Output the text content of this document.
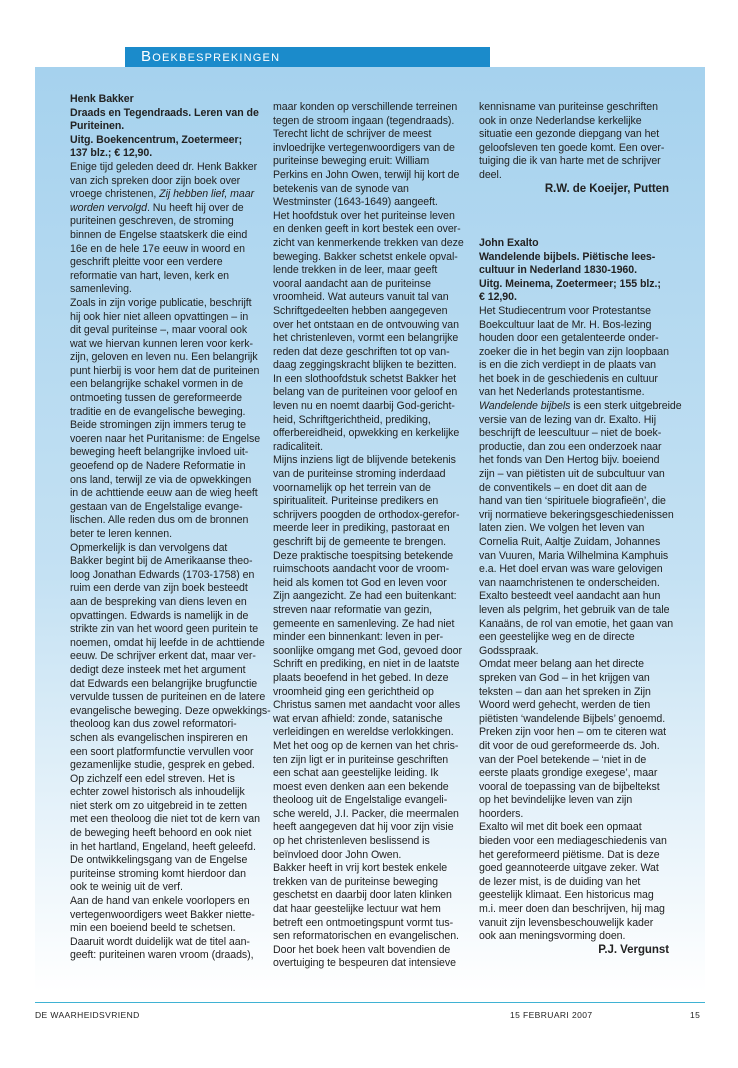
Boekbesprekingen
Henk Bakker
Draads en Tegendraads. Leren van de
Puriteinen.
Uitg. Boekencentrum, Zoetermeer;
137 blz.; € 12,90.
Enige tijd geleden deed dr. Henk Bakker
van zich spreken door zijn boek over
vroege christenen, Zij hebben lief, maar
worden vervolgd. Nu heeft hij over de
puriteinen geschreven, de stroming
binnen de Engelse staatskerk die eind
16e en de hele 17e eeuw in woord en
geschrift pleitte voor een verdere
reformatie van hart, leven, kerk en
samenleving.
Zoals in zijn vorige publicatie, beschrijft
hij ook hier niet alleen opvattingen – in
dit geval puriteinse –, maar vooral ook
wat we hiervan kunnen leren voor kerk-
zijn, geloven en leven nu. Een belangrijk
punt hierbij is voor hem dat de puriteinen
een belangrijke schakel vormen in de
ontmoeting tussen de gereformeerde
traditie en de evangelische beweging.
Beide stromingen zijn immers terug te
voeren naar het Puritanisme: de Engelse
beweging heeft belangrijke invloed uit-
geoefend op de Nadere Reformatie in
ons land, terwijl ze via de opwekkingen
in de achttiende eeuw aan de wieg heeft
gestaan van de Engelstalige evange-
lischen. Alle reden dus om de bronnen
beter te leren kennen.
Opmerkelijk is dan vervolgens dat
Bakker begint bij de Amerikaanse theo-
loog Jonathan Edwards (1703-1758) en
ruim een derde van zijn boek besteedt
aan de bespreking van diens leven en
opvattingen. Edwards is namelijk in de
strikte zin van het woord geen puritein te
noemen, omdat hij leefde in de achttiende
eeuw. De schrijver erkent dat, maar ver-
dedigt deze insteek met het argument
dat Edwards een belangrijke brugfunctie
vervulde tussen de puriteinen en de latere
evangelische beweging. Deze opwekkings-
theoloog kan dus zowel reformatori-
schen als evangelischen inspireren en
een soort platformfunctie vervullen voor
gezamenlijke studie, gesprek en gebed.
Op zichzelf een edel streven. Het is
echter zowel historisch als inhoudelijk
niet sterk om zo uitgebreid in te zetten
met een theoloog die niet tot de kern van
de beweging heeft behoord en ook niet
in het hartland, Engeland, heeft geleefd.
De ontwikkelingsgang van de Engelse
puriteinse stroming komt hierdoor dan
ook te weinig uit de verf.
Aan de hand van enkele voorlopers en
vertegenwoordigers weet Bakker niette-
min een boeiend beeld te schetsen.
Daaruit wordt duidelijk wat de titel aan-
geeft: puriteinen waren vroom (draads),
maar konden op verschillende terreinen
tegen de stroom ingaan (tegendraads).
Terecht licht de schrijver de meest
invloedrijke vertegenwoordigers van de
puriteinse beweging eruit: William
Perkins en John Owen, terwijl hij kort de
betekenis van de synode van
Westminster (1643-1649) aangeeft.
Het hoofdstuk over het puriteinse leven
en denken geeft in kort bestek een over-
zicht van kenmerkende trekken van deze
beweging. Bakker schetst enkele opval-
lende trekken in de leer, maar geeft
vooral aandacht aan de puriteinse
vroomheid. Wat auteurs vanuit tal van
Schriftgedeelten hebben aangegeven
over het ontstaan en de ontvouwing van
het christenleven, vormt een belangrijke
reden dat deze geschriften tot op van-
daag zeggingskracht blijken te bezitten.
In een slothoofdstuk schetst Bakker het
belang van de puriteinen voor geloof en
leven nu en noemt daarbij God-gericht-
heid, Schriftgerichtheid, prediking,
offerbereidheid, opwekking en kerkelijke
radicaliteit.
Mijns inziens ligt de blijvende betekenis
van de puriteinse stroming inderdaad
voornamelijk op het terrein van de
spiritualiteit. Puriteinse predikers en
schrijvers poogden de orthodox-gerefor-
meerde leer in prediking, pastoraat en
geschrift bij de gemeente te brengen.
Deze praktische toespitsing betekende
ruimschoots aandacht voor de vroom-
heid als komen tot God en leven voor
Zijn aangezicht. Ze had een buitenkant:
streven naar reformatie van gezin,
gemeente en samenleving. Ze had niet
minder een binnenkant: leven in per-
soonlijke omgang met God, gevoed door
Schrift en prediking, en niet in de laatste
plaats beoefend in het gebed. In deze
vroomheid ging een gerichtheid op
Christus samen met aandacht voor alles
wat ervan afhield: zonde, satanische
verleidingen en wereldse verlokkingen.
Met het oog op de kernen van het chris-
ten zijn ligt er in puriteinse geschriften
een schat aan geestelijke leiding. Ik
moest even denken aan een bekende
theoloog uit de Engelstalige evangeli-
sche wereld, J.I. Packer, die meermalen
heeft aangegeven dat hij voor zijn visie
op het christenleven beslissend is
beïnvloed door John Owen.
Bakker heeft in vrij kort bestek enkele
trekken van de puriteinse beweging
geschetst en daarbij door laten klinken
dat haar geestelijke lectuur wat hem
betreft een ontmoetingspunt vormt tus-
sen reformatorischen en evangelischen.
Door het boek heen valt bovendien de
overtuiging te bespeuren dat intensieve
kennisname van puriteinse geschriften
ook in onze Nederlandse kerkelijke
situatie een gezonde diepgang van het
geloofsleven ten goede komt. Een over-
tuiging die ik van harte met de schrijver
deel.
R.W. de Koeijer, Putten
John Exalto
Wandelende bijbels. Piëtische lees-
cultuur in Nederland 1830-1960.
Uitg. Meinema, Zoetermeer; 155 blz.;
€ 12,90.
Het Studiecentrum voor Protestantse
Boekcultuur laat de Mr. H. Bos-lezing
houden door een getalenteerde onder-
zoeker die in het begin van zijn loopbaan
is en die zich verdiept in de plaats van
het boek in de geschiedenis en cultuur
van het Nederlands protestantisme.
Wandelende bijbels is een sterk uitgebreide
versie van de lezing van dr. Exalto. Hij
beschrijft de leescultuur – niet de boek-
productie, dan zou een onderzoek naar
het fonds van Den Hertog bijv. boeiend
zijn – van piëtisten uit de subcultuur van
de conventikels – en doet dit aan de
hand van tien ‘spirituele biografieën’, die
vrij normatieve bekeringsgeschiedenissen
laten zien. We volgen het leven van
Cornelia Ruit, Aaltje Zuidam, Johannes
van Vuuren, Maria Wilhelmina Kamphuis
e.a. Het doel ervan was ware gelovigen
van naamchristenen te onderscheiden.
Exalto besteedt veel aandacht aan hun
leven als pelgrim, het gebruik van de tale
Kanaäns, de rol van emotie, het gaan van
een geestelijke weg en de directe
Godsspraak.
Omdat meer belang aan het directe
spreken van God – in het krijgen van
teksten – dan aan het spreken in Zijn
Woord werd gehecht, werden de tien
piëtisten ‘wandelende Bijbels’ genoemd.
Preken zijn voor hen – om te citeren wat
dit voor de oud gereformeerde ds. Joh.
van der Poel betekende – ‘niet in de
eerste plaats grondige exegese’, maar
vooral de toepassing van de bijbeltekst
op het bevindelijke leven van zijn
hoorders.
Exalto wil met dit boek een opmaat
bieden voor een mediageschiedenis van
het gereformeerd piëtisme. Dat is deze
goed geannoteerde uitgave zeker. Wat
de lezer mist, is de duiding van het
geestelijk klimaat. Een historicus mag
m.i. meer doen dan beschrijven, hij mag
vanuit zijn levensbeschouwelijk kader
ook aan meningsvorming doen.
P.J. Vergunst
DE WAARHEIDSVRIEND	15 FEBRUARI 2007	15
